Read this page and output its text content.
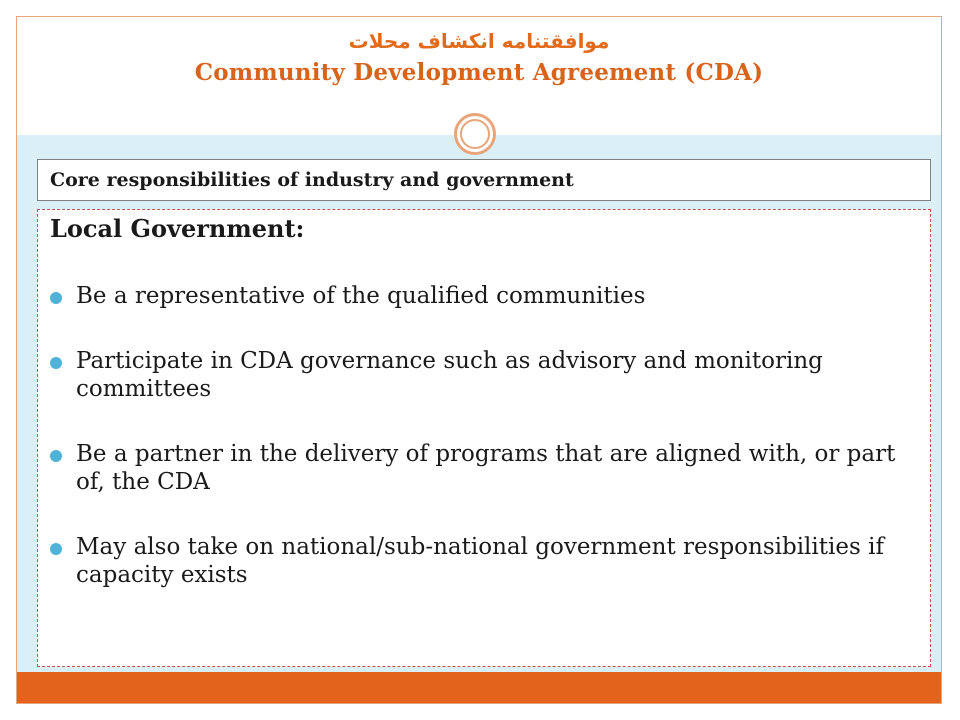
موافقتنامه انکشاف محلات
Community Development Agreement (CDA)
Core responsibilities of industry and government
Local Government:
Be a representative of the qualified communities
Participate in CDA governance such as advisory and monitoring committees
Be a partner in the delivery of programs that are aligned with, or part of, the CDA
May also take on national/sub-national government responsibilities if capacity exists
